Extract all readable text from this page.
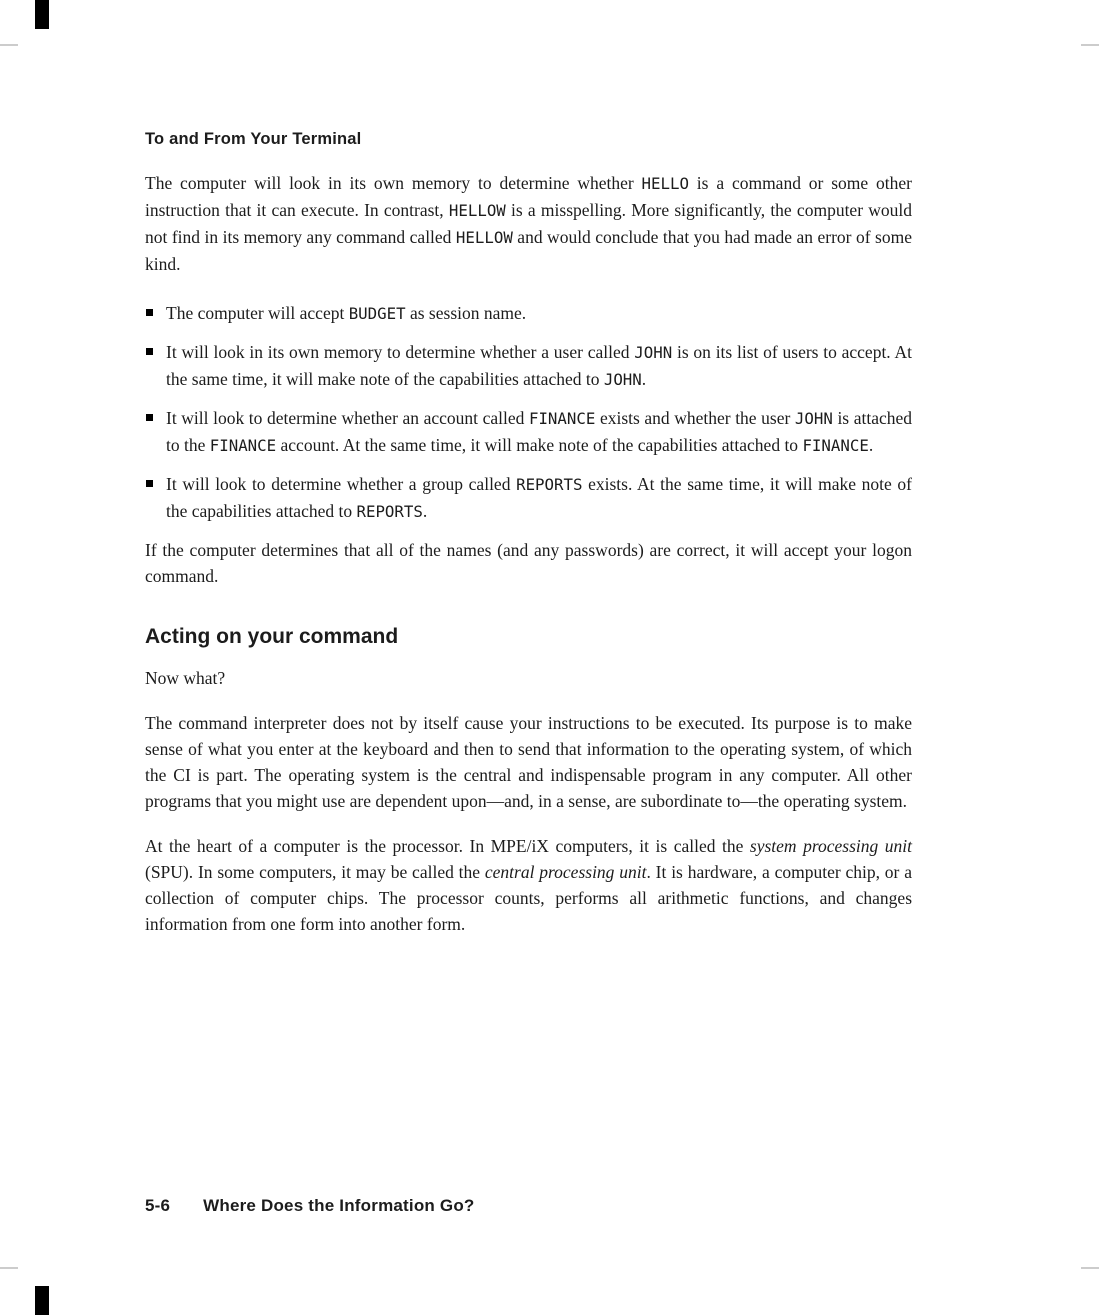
To and From Your Terminal

The computer will look in its own memory to determine whether HELLO is a command or some other instruction that it can execute. In contrast, HELLOW is a misspelling. More significantly, the computer would not find in its memory any command called HELLOW and would conclude that you had made an error of some kind.

The computer will accept BUDGET as session name.
It will look in its own memory to determine whether a user called JOHN is on its list of users to accept. At the same time, it will make note of the capabilities attached to JOHN.
It will look to determine whether an account called FINANCE exists and whether the user JOHN is attached to the FINANCE account. At the same time, it will make note of the capabilities attached to FINANCE.
It will look to determine whether a group called REPORTS exists. At the same time, it will make note of the capabilities attached to REPORTS.

If the computer determines that all of the names (and any passwords) are correct, it will accept your logon command.

Acting on your command

Now what?

The command interpreter does not by itself cause your instructions to be executed. Its purpose is to make sense of what you enter at the keyboard and then to send that information to the operating system, of which the CI is part. The operating system is the central and indispensable program in any computer. All other programs that you might use are dependent upon—and, in a sense, are subordinate to—the operating system.

At the heart of a computer is the processor. In MPE/iX computers, it is called the system processing unit (SPU). In some computers, it may be called the central processing unit. It is hardware, a computer chip, or a collection of computer chips. The processor counts, performs all arithmetic functions, and changes information from one form into another form.

5-6 Where Does the Information Go?
